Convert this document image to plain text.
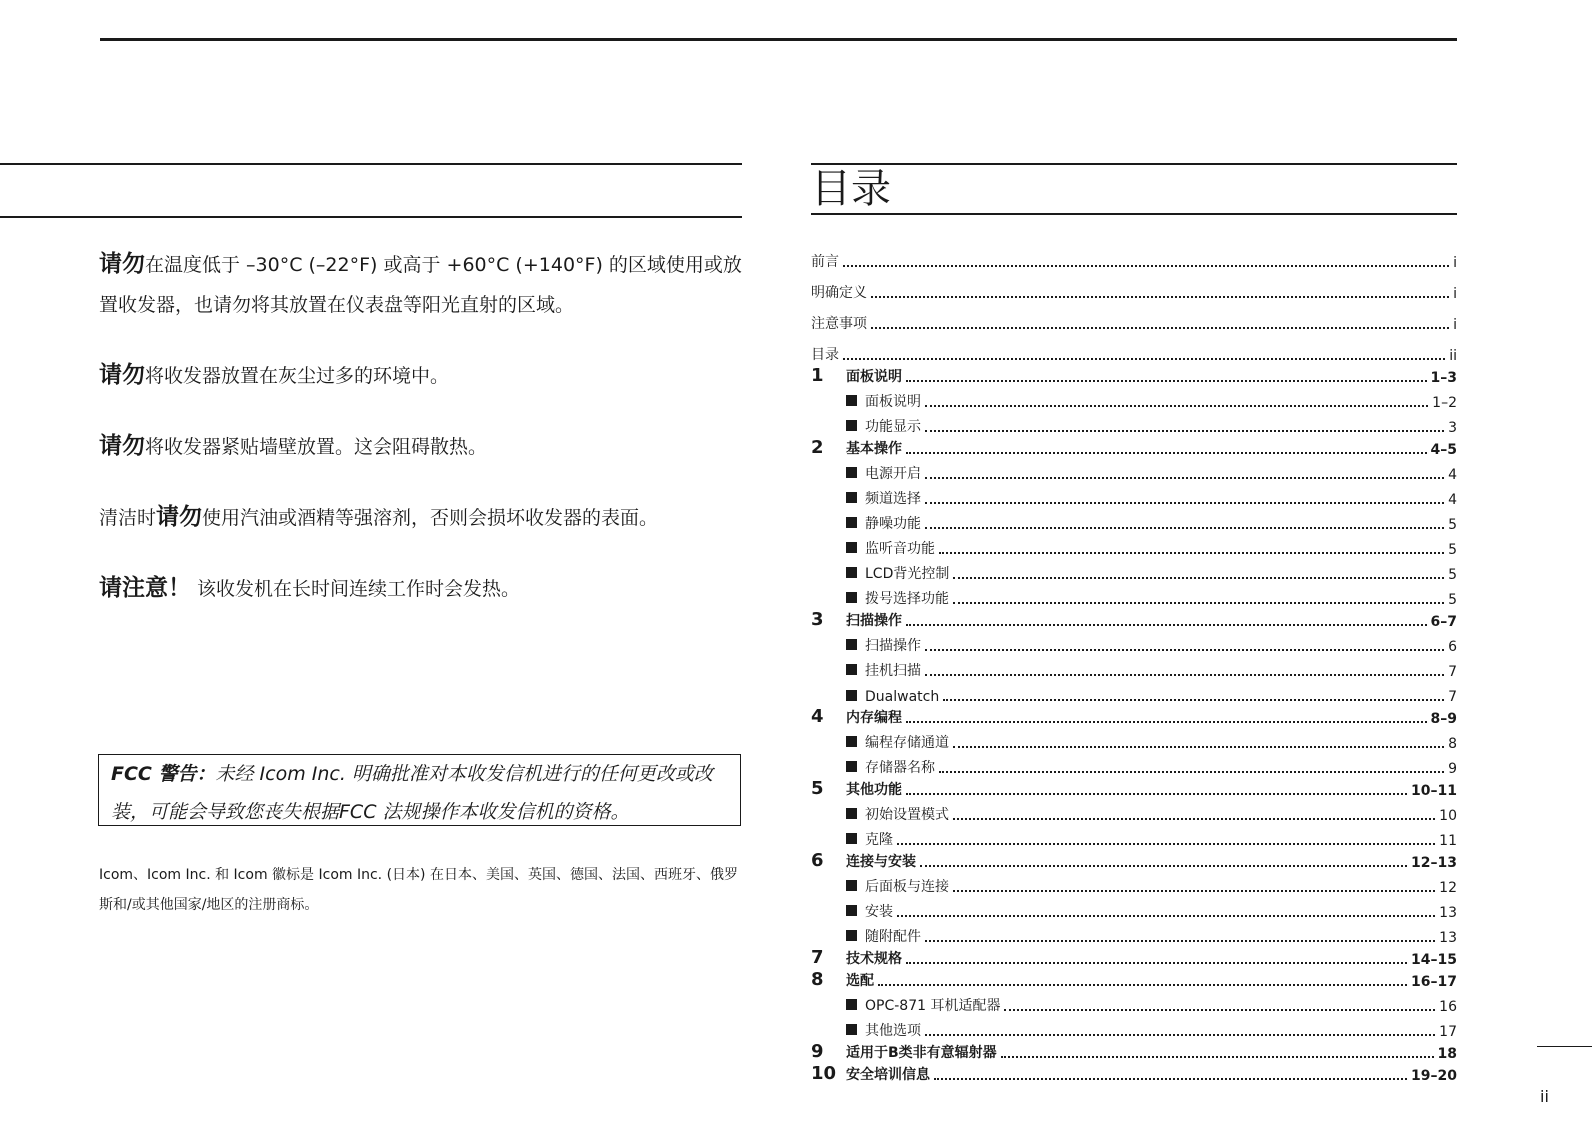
请勿在温度低于 –30°C (–22°F) 或高于 +60°C (+140°F) 的区域使用或放置收发器，也请勿将其放置在仪表盘等阳光直射的区域。

请勿将收发器放置在灰尘过多的环境中。

请勿将收发器紧贴墙壁放置。这会阻碍散热。

清洁时请勿使用汽油或酒精等强溶剂，否则会损坏收发器的表面。

请注意！ 该收发机在长时间连续工作时会发热。

FCC 警告：未经 Icom Inc. 明确批准对本收发信机进行的任何更改或改装，可能会导致您丧失根据FCC 法规操作本收发信机的资格。
Icom、Icom Inc. 和 Icom 徽标是 Icom Inc. (日本) 在日本、美国、英国、德国、法国、西班牙、俄罗斯和/或其他国家/地区的注册商标。
目录
前言	i
明确定义	i
注意事项	i
目录	ii
1 面板说明	1–3
面板说明	1–2
功能显示	3
2 基本操作	4–5
电源开启	4
频道选择	4
静噪功能	5
监听音功能	5
LCD背光控制	5
拨号选择功能	5
3 扫描操作	6–7
扫描操作	6
挂机扫描	7
Dualwatch	7
4 内存编程	8–9
编程存储通道	8
存储器名称	9
5 其他功能	10–11
初始设置模式	10
克隆	11
6 连接与安装	12–13
后面板与连接	12
安装	13
随附配件	13
7 技术规格	14–15
8 选配	16–17
OPC-871 耳机适配器	16
其他选项	17
9 适用于B类非有意辐射器	18
10 安全培训信息	19–20
ii
